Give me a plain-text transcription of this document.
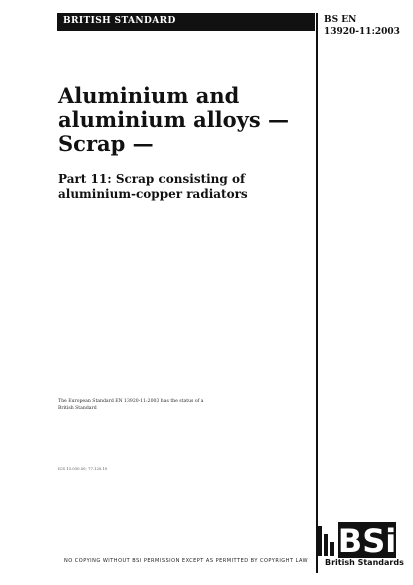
BRITISH STANDARD	BS EN
13920-11:2003
Aluminium and
aluminium alloys —
Scrap —
Part 11: Scrap consisting of
aluminium-copper radiators
The European Standard EN 13920-11:2003 has the status of a
British Standard
ICS 13.030.50; 77.120.10
NO COPYING WITHOUT BSI PERMISSION EXCEPT AS PERMITTED BY COPYRIGHT LAW
BSi
British Standards
